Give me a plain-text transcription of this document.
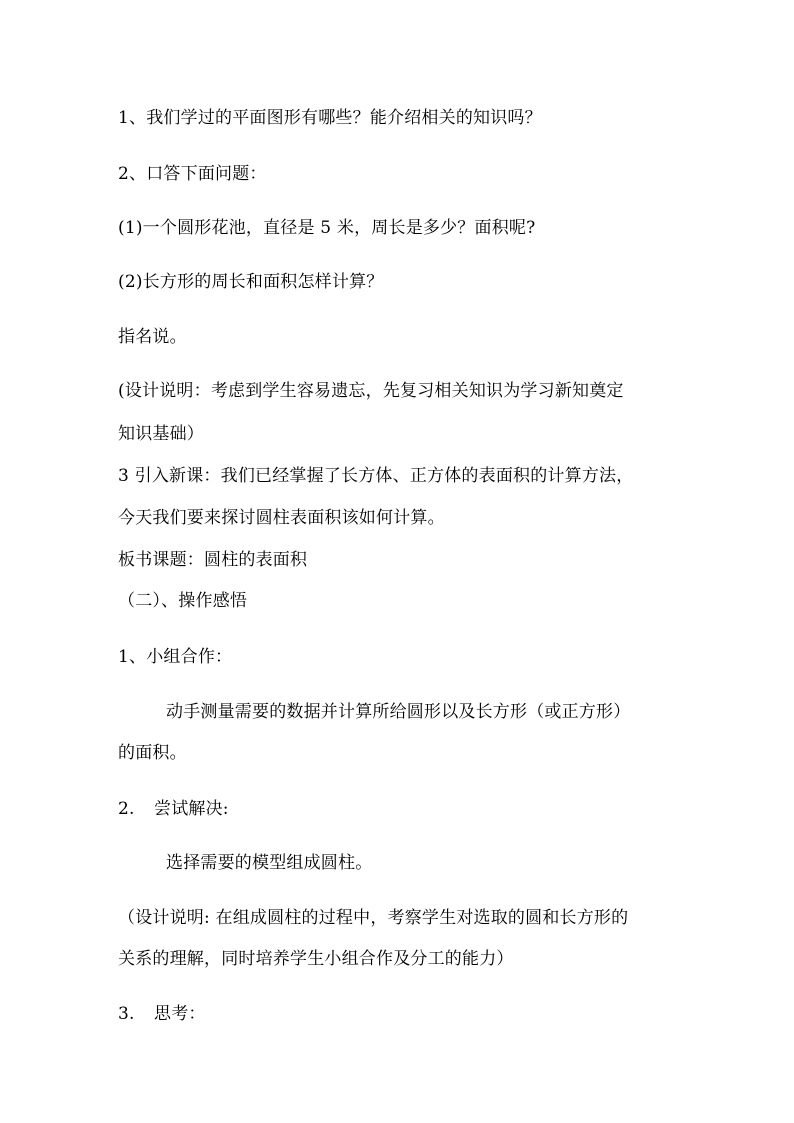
1、我们学过的平面图形有哪些？能介绍相关的知识吗？
2、口答下面问题：
(1)一个圆形花池，直径是 5 米，周长是多少？面积呢?
(2)长方形的周长和面积怎样计算？
指名说。
(设计说明：考虑到学生容易遗忘，先复习相关知识为学习新知奠定
知识基础）
3 引入新课：我们已经掌握了长方体、正方体的表面积的计算方法，
今天我们要来探讨圆柱表面积该如何计算。
板书课题：圆柱的表面积
（二）、操作感悟
1、小组合作：
动手测量需要的数据并计算所给圆形以及长方形（或正方形）
的面积。
2. 尝试解决:
选择需要的模型组成圆柱。
（设计说明: 在组成圆柱的过程中，考察学生对选取的圆和长方形的
关系的理解，同时培养学生小组合作及分工的能力）
3. 思考：
